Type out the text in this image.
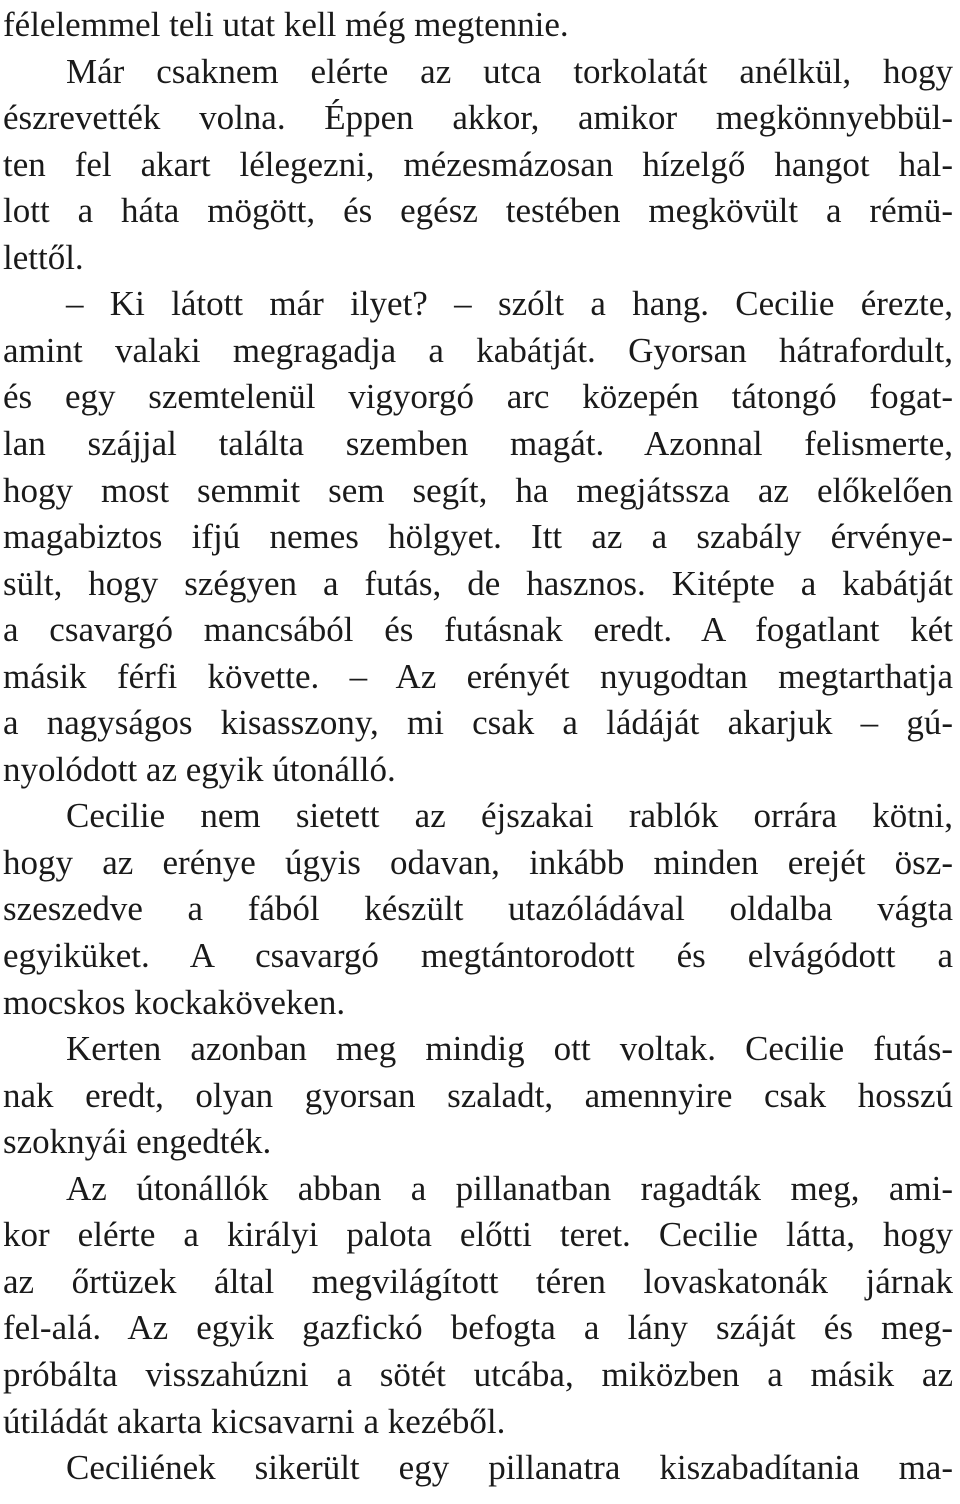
félelemmel teli utat kell még megtennie.
Már csaknem elérte az utca torkolatát anélkül, hogy
észrevették volna. Éppen akkor, amikor megkönnyebbül-
ten fel akart lélegezni, mézesmázosan hízelgő hangot hal-
lott a háta mögött, és egész testében megkövült a rémü-
lettől.
– Ki látott már ilyet? – szólt a hang. Cecilie érezte,
amint valaki megragadja a kabátját. Gyorsan hátrafordult,
és egy szemtelenül vigyorgó arc közepén tátongó fogat-
lan szájjal találta szemben magát. Azonnal felismerte,
hogy most semmit sem segít, ha megjátssza az előkelően
magabiztos ifjú nemes hölgyet. Itt az a szabály érvénye-
sült, hogy szégyen a futás, de hasznos. Kitépte a kabátját
a csavargó mancsából és futásnak eredt. A fogatlant két
másik férfi követte. – Az erényét nyugodtan megtarthatja
a nagyságos kisasszony, mi csak a ládáját akarjuk – gú-
nyolódott az egyik útonálló.
Cecilie nem sietett az éjszakai rablók orrára kötni,
hogy az erénye úgyis odavan, inkább minden erejét ösz-
szeszedve a fából készült utazóládával oldalba vágta
egyiküket. A csavargó megtántorodott és elvágódott a
mocskos kockaköveken.
Kerten azonban meg mindig ott voltak. Cecilie futás-
nak eredt, olyan gyorsan szaladt, amennyire csak hosszú
szoknyái engedték.
Az útonállók abban a pillanatban ragadták meg, ami-
kor elérte a királyi palota előtti teret. Cecilie látta, hogy
az őrtüzek által megvilágított téren lovaskatonák járnak
fel-alá. Az egyik gazfickó befogta a lány száját és meg-
próbálta visszahúzni a sötét utcába, miközben a másik az
útiládát akarta kicsavarni a kezéből.
Ceciliének sikerült egy pillanatra kiszabadítania ma-
